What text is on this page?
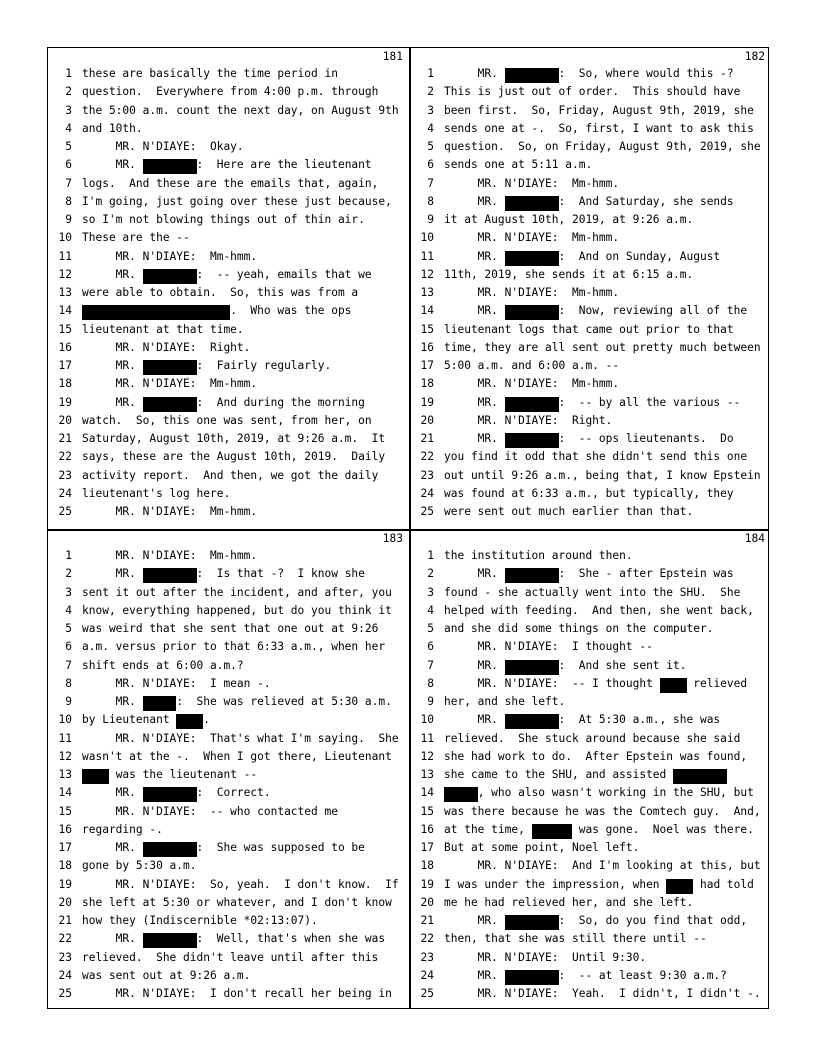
181
1 these are basically the time period in
2 question.  Everywhere from 4:00 p.m. through
3 the 5:00 a.m. count the next day, on August 9th
4 and 10th.
5     MR. N'DIAYE:  Okay.
6     MR.	:  Here are the lieutenant
7 logs.  And these are the emails that, again,
8 I'm going, just going over these just because,
9 so I'm not blowing things out of thin air.
10 These are the --
11     MR. N'DIAYE:  Mm-hmm.
12     MR.	:  -- yeah, emails that we
13 were able to obtain.  So, this was from a
14	.  Who was the ops
15 lieutenant at that time.
16     MR. N'DIAYE:  Right.
17     MR.	:  Fairly regularly.
18     MR. N'DIAYE:  Mm-hmm.
19     MR.	:  And during the morning
20 watch.  So, this one was sent, from her, on
21 Saturday, August 10th, 2019, at 9:26 a.m.  It
22 says, these are the August 10th, 2019.  Daily
23 activity report.  And then, we got the daily
24 lieutenant's log here.
25     MR. N'DIAYE:  Mm-hmm.
182
1     MR.	:  So, where would this -?
2 This is just out of order.  This should have
3 been first.  So, Friday, August 9th, 2019, she
4 sends one at -.  So, first, I want to ask this
5 question.  So, on Friday, August 9th, 2019, she
6 sends one at 5:11 a.m.
7     MR. N'DIAYE:  Mm-hmm.
8     MR.	:  And Saturday, she sends
9 it at August 10th, 2019, at 9:26 a.m.
10     MR. N'DIAYE:  Mm-hmm.
11     MR.	:  And on Sunday, August
12 11th, 2019, she sends it at 6:15 a.m.
13     MR. N'DIAYE:  Mm-hmm.
14     MR.	:  Now, reviewing all of the
15 lieutenant logs that came out prior to that
16 time, they are all sent out pretty much between
17 5:00 a.m. and 6:00 a.m. --
18     MR. N'DIAYE:  Mm-hmm.
19     MR.	:  -- by all the various --
20     MR. N'DIAYE:  Right.
21     MR.	:  -- ops lieutenants.  Do
22 you find it odd that she didn't send this one
23 out until 9:26 a.m., being that, I know Epstein
24 was found at 6:33 a.m., but typically, they
25 were sent out much earlier than that.
183
1     MR. N'DIAYE:  Mm-hmm.
2     MR.	:  Is that -?  I know she
3 sent it out after the incident, and after, you
4 know, everything happened, but do you think it
5 was weird that she sent that one out at 9:26
6 a.m. versus prior to that 6:33 a.m., when her
7 shift ends at 6:00 a.m.?
8     MR. N'DIAYE:  I mean -.
9     MR.	:  She was relieved at 5:30 a.m.
10 by Lieutenant     .
11     MR. N'DIAYE:  That's what I'm saying.  She
12 wasn't at the -.  When I got there, Lieutenant
13	was the lieutenant --
14     MR.	:  Correct.
15     MR. N'DIAYE:  -- who contacted me
16 regarding -.
17     MR.	:  She was supposed to be
18 gone by 5:30 a.m.
19     MR. N'DIAYE:  So, yeah.  I don't know.  If
20 she left at 5:30 or whatever, and I don't know
21 how they (Indiscernible *02:13:07).
22     MR.	:  Well, that's when she was
23 relieved.  She didn't leave until after this
24 was sent out at 9:26 a.m.
25     MR. N'DIAYE:  I don't recall her being in
184
1 the institution around then.
2     MR.	:  She - after Epstein was
3 found - she actually went into the SHU.  She
4 helped with feeding.  And then, she went back,
5 and she did some things on the computer.
6     MR. N'DIAYE:  I thought --
7     MR.	:  And she sent it.
8     MR. N'DIAYE:  -- I thought      relieved
9 her, and she left.
10     MR.	:  At 5:30 a.m., she was
11 relieved.  She stuck around because she said
12 she had work to do.  After Epstein was found,
13 she came to the SHU, and assisted
14	, who also wasn't working in the SHU, but
15 was there because he was the Comtech guy.  And,
16 at the time,	was gone.  Noel was there.
17 But at some point, Noel left.
18     MR. N'DIAYE:  And I'm looking at this, but
19 I was under the impression, when      had told
20 me he had relieved her, and she left.
21     MR.	:  So, do you find that odd,
22 then, that she was still there until --
23     MR. N'DIAYE:  Until 9:30.
24     MR.	:  -- at least 9:30 a.m.?
25     MR. N'DIAYE:  Yeah.  I didn't, I didn't -.
